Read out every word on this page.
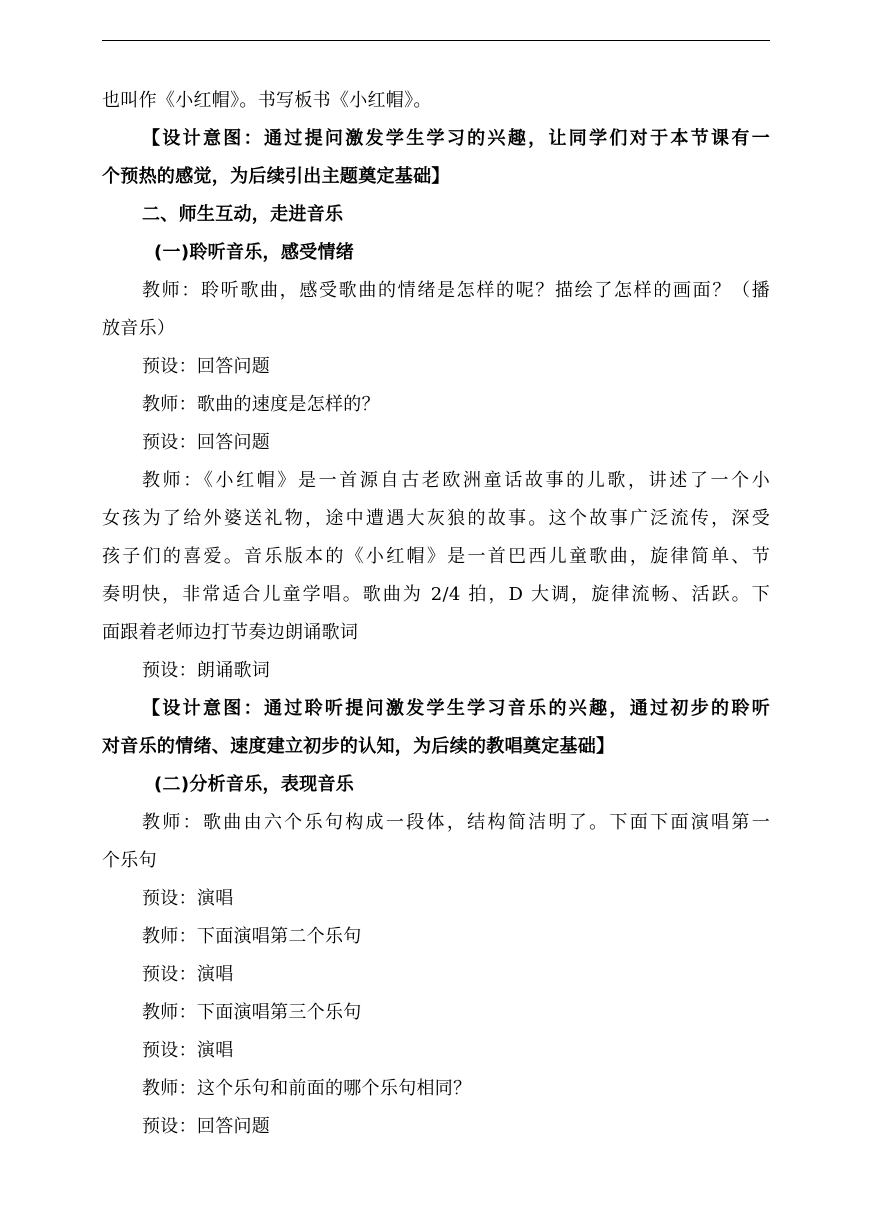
也叫作《小红帽》。书写板书《小红帽》。
【设计意图：通过提问激发学生学习的兴趣，让同学们对于本节课有一
个预热的感觉，为后续引出主题奠定基础】
二、师生互动，走进音乐
(一)聆听音乐，感受情绪
教师：聆听歌曲，感受歌曲的情绪是怎样的呢？描绘了怎样的画面？（播
放音乐）
预设：回答问题
教师：歌曲的速度是怎样的？
预设：回答问题
教师：《小红帽》是一首源自古老欧洲童话故事的儿歌，讲述了一个小
女孩为了给外婆送礼物，途中遭遇大灰狼的故事。这个故事广泛流传，深受
孩子们的喜爱。音乐版本的《小红帽》是一首巴西儿童歌曲，旋律简单、节
奏明快，非常适合儿童学唱。歌曲为 2/4 拍，D 大调，旋律流畅、活跃。下
面跟着老师边打节奏边朗诵歌词
预设：朗诵歌词
【设计意图：通过聆听提问激发学生学习音乐的兴趣，通过初步的聆听
对音乐的情绪、速度建立初步的认知，为后续的教唱奠定基础】
(二)分析音乐，表现音乐
教师：歌曲由六个乐句构成一段体，结构简洁明了。下面下面演唱第一
个乐句
预设：演唱
教师：下面演唱第二个乐句
预设：演唱
教师：下面演唱第三个乐句
预设：演唱
教师：这个乐句和前面的哪个乐句相同？
预设：回答问题
